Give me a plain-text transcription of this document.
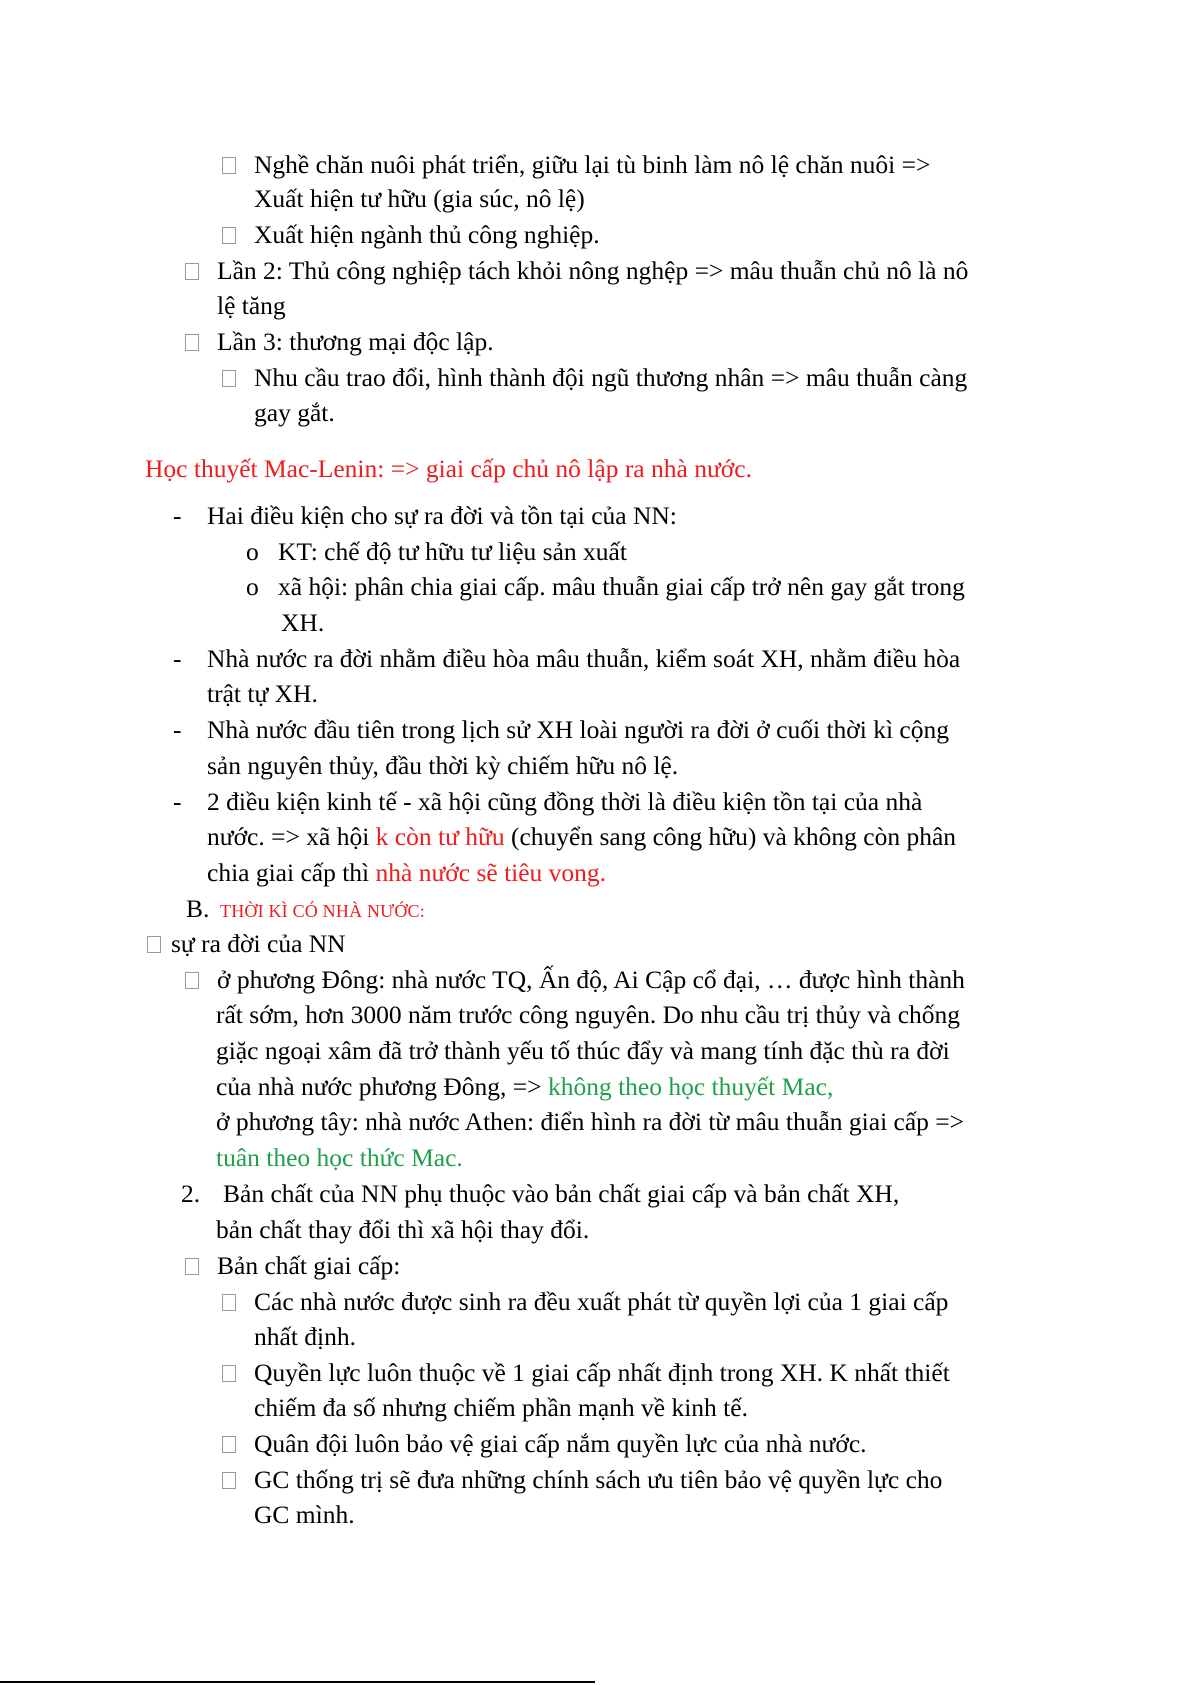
Nghề chăn nuôi phát triển, giữu lại tù binh làm nô lệ chăn nuôi =>
Xuất hiện tư hữu (gia súc, nô lệ)
Xuất hiện ngành thủ công nghiệp.
Lần 2: Thủ công nghiệp tách khỏi nông nghệp => mâu thuẫn chủ nô là nô
lệ tăng
Lần 3: thương mại độc lập.
Nhu cầu trao đổi, hình thành đội ngũ thương nhân => mâu thuẫn càng
gay gắt.
Học thuyết Mac-Lenin: => giai cấp chủ nô lập ra nhà nước.
- Hai điều kiện cho sự ra đời và tồn tại của NN:
o KT: chế độ tư hữu tư liệu sản xuất
o xã hội: phân chia giai cấp. mâu thuẫn giai cấp trở nên gay gắt trong
XH.
- Nhà nước ra đời nhằm điều hòa mâu thuẫn, kiểm soát XH, nhằm điều hòa
trật tự XH.
- Nhà nước đầu tiên trong lịch sử XH loài người ra đời ở cuối thời kì cộng
sản nguyên thủy, đầu thời kỳ chiếm hữu nô lệ.
- 2 điều kiện kinh tế - xã hội cũng đồng thời là điều kiện tồn tại của nhà
nước. => xã hội k còn tư hữu (chuyển sang công hữu) và không còn phân
chia giai cấp thì nhà nước sẽ tiêu vong.
B. THỜI KÌ CÓ NHÀ NƯỚC:
sự ra đời của NN
ở phương Đông: nhà nước TQ, Ấn độ, Ai Cập cổ đại, … được hình thành
rất sớm, hơn 3000 năm trước công nguyên. Do nhu cầu trị thủy và chống
giặc ngoại xâm đã trở thành yếu tố thúc đẩy và mang tính đặc thù ra đời
của nhà nước phương Đông, => không theo học thuyết Mac,
ở phương tây: nhà nước Athen: điển hình ra đời từ mâu thuẫn giai cấp =>
tuân theo học thức Mac.
2. Bản chất của NN phụ thuộc vào bản chất giai cấp và bản chất XH,
bản chất thay đổi thì xã hội thay đổi.
Bản chất giai cấp:
Các nhà nước được sinh ra đều xuất phát từ quyền lợi của 1 giai cấp
nhất định.
Quyền lực luôn thuộc về 1 giai cấp nhất định trong XH. K nhất thiết
chiếm đa số nhưng chiếm phần mạnh về kinh tế.
Quân đội luôn bảo vệ giai cấp nắm quyền lực của nhà nước.
GC thống trị sẽ đưa những chính sách ưu tiên bảo vệ quyền lực cho
GC mình.
